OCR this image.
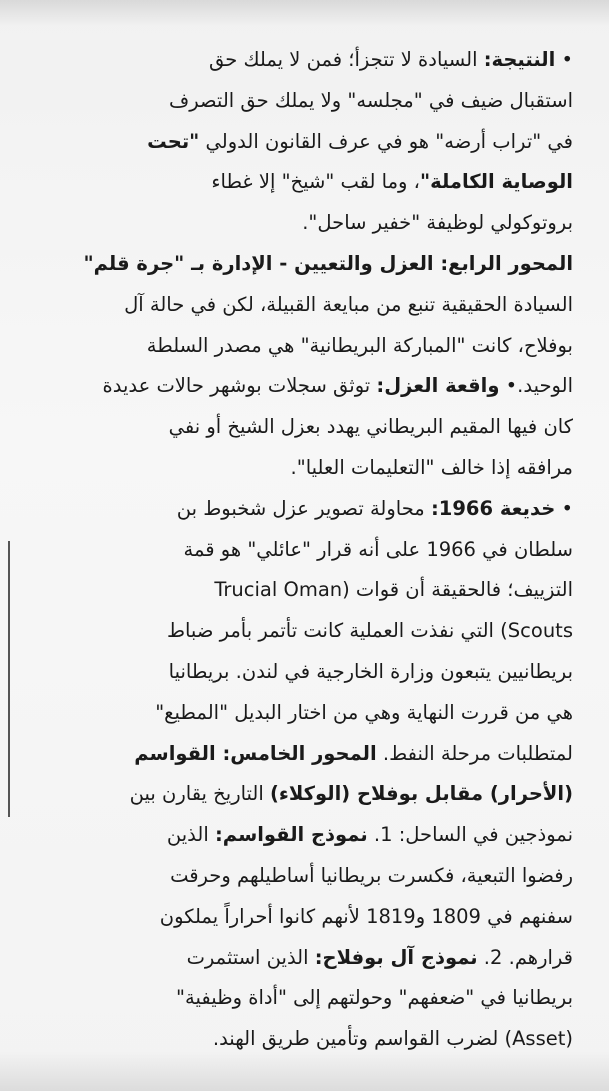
• النتيجة: السيادة لا تتجزأ؛ فمن لا يملك حق
استقبال ضيف في "مجلسه" ولا يملك حق التصرف
في "تراب أرضه" هو في عرف القانون الدولي "تحت
الوصاية الكاملة"، وما لقب "شيخ" إلا غطاء
بروتوكولي لوظيفة "خفير ساحل".
المحور الرابع: العزل والتعيين - الإدارة بـ "جرة قلم"
السيادة الحقيقية تنبع من مبايعة القبيلة، لكن في حالة آل
بوفلاح، كانت "المباركة البريطانية" هي مصدر السلطة
الوحيد.• واقعة العزل: توثق سجلات بوشهر حالات عديدة
كان فيها المقيم البريطاني يهدد بعزل الشيخ أو نفي
مرافقه إذا خالف "التعليمات العليا".
• خديعة 1966: محاولة تصوير عزل شخبوط بن
سلطان في 1966 على أنه قرار "عائلي" هو قمة
التزييف؛ فالحقيقة أن قوات (Trucial Oman
Scouts) التي نفذت العملية كانت تأتمر بأمر ضباط
بريطانيين يتبعون وزارة الخارجية في لندن. بريطانيا
هي من قررت النهاية وهي من اختار البديل "المطيع"
لمتطلبات مرحلة النفط. المحور الخامس: القواسم
(الأحرار) مقابل بوفلاح (الوكلاء) التاريخ يقارن بين
نموذجين في الساحل: 1. نموذج القواسم: الذين
رفضوا التبعية، فكسرت بريطانيا أساطيلهم وحرقت
سفنهم في 1809 و1819 لأنهم كانوا أحراراً يملكون
قرارهم. 2. نموذج آل بوفلاح: الذين استثمرت
بريطانيا في "ضعفهم" وحولتهم إلى "أداة وظيفية"
(Asset) لضرب القواسم وتأمين طريق الهند.
